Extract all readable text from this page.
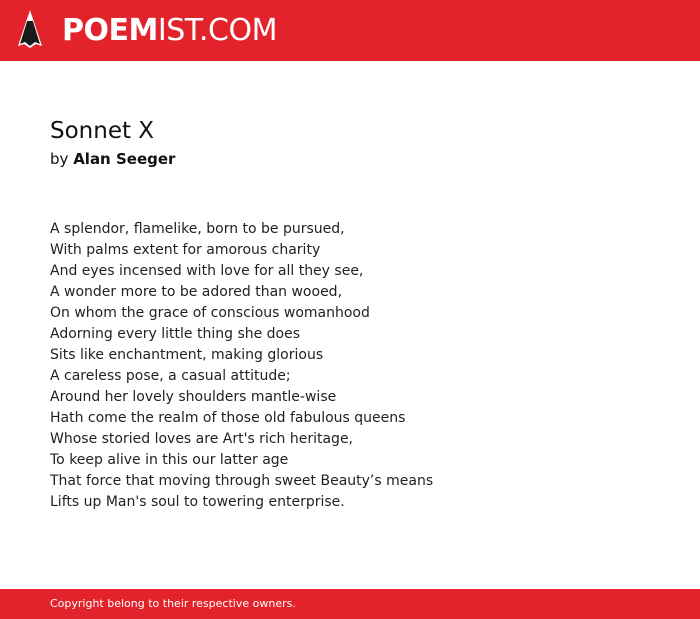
POEMIST.COM
Sonnet X
by Alan Seeger
A splendor, flamelike, born to be pursued,
With palms extent for amorous charity
And eyes incensed with love for all they see,
A wonder more to be adored than wooed,
On whom the grace of conscious womanhood
Adorning every little thing she does
Sits like enchantment, making glorious
A careless pose, a casual attitude;
Around her lovely shoulders mantle-wise
Hath come the realm of those old fabulous queens
Whose storied loves are Art's rich heritage,
To keep alive in this our latter age
That force that moving through sweet Beauty’s means
Lifts up Man's soul to towering enterprise.
Copyright belong to their respective owners.
